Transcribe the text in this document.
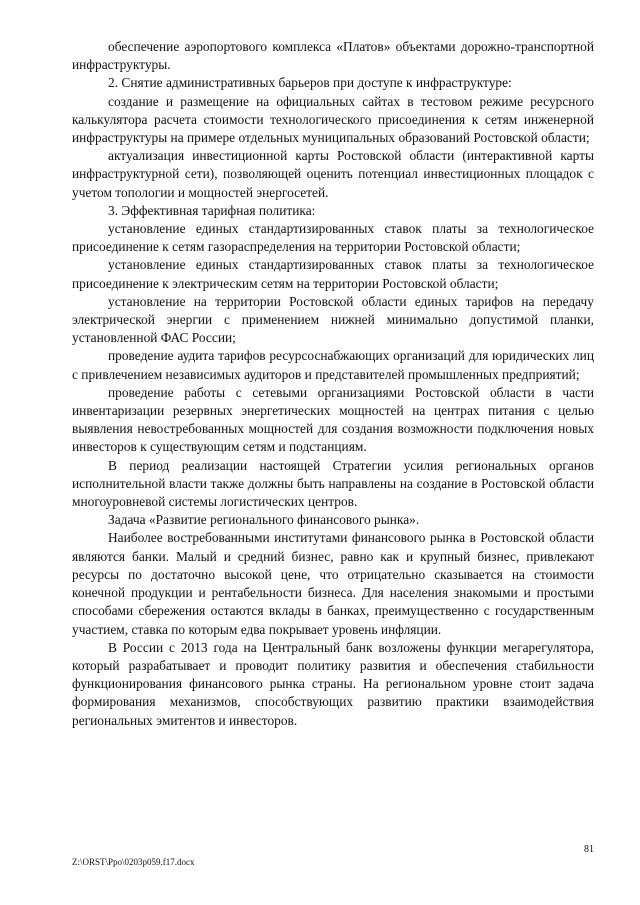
обеспечение аэропортового комплекса «Платов» объектами дорожно-транспортной инфраструктуры.

2. Снятие административных барьеров при доступе к инфраструктуре:

создание и размещение на официальных сайтах в тестовом режиме ресурсного калькулятора расчета стоимости технологического присоединения к сетям инженерной инфраструктуры на примере отдельных муниципальных образований Ростовской области;

актуализация инвестиционной карты Ростовской области (интерактивной карты инфраструктурной сети), позволяющей оценить потенциал инвестиционных площадок с учетом топологии и мощностей энергосетей.

3. Эффективная тарифная политика:

установление единых стандартизированных ставок платы за технологическое присоединение к сетям газораспределения на территории Ростовской области;

установление единых стандартизированных ставок платы за технологическое присоединение к электрическим сетям на территории Ростовской области;

установление на территории Ростовской области единых тарифов на передачу электрической энергии с применением нижней минимально допустимой планки, установленной ФАС России;

проведение аудита тарифов ресурсоснабжающих организаций для юридических лиц с привлечением независимых аудиторов и представителей промышленных предприятий;

проведение работы с сетевыми организациями Ростовской области в части инвентаризации резервных энергетических мощностей на центрах питания с целью выявления невостребованных мощностей для создания возможности подключения новых инвесторов к существующим сетям и подстанциям.

В период реализации настоящей Стратегии усилия региональных органов исполнительной власти также должны быть направлены на создание в Ростовской области многоуровневой системы логистических центров.

Задача «Развитие регионального финансового рынка».

Наиболее востребованными институтами финансового рынка в Ростовской области являются банки. Малый и средний бизнес, равно как и крупный бизнес, привлекают ресурсы по достаточно высокой цене, что отрицательно сказывается на стоимости конечной продукции и рентабельности бизнеса. Для населения знакомыми и простыми способами сбережения остаются вклады в банках, преимущественно с государственным участием, ставка по которым едва покрывает уровень инфляции.

В России с 2013 года на Центральный банк возложены функции мегарегулятора, который разрабатывает и проводит политику развития и обеспечения стабильности функционирования финансового рынка страны. На региональном уровне стоит задача формирования механизмов, способствующих развитию практики взаимодействия региональных эмитентов и инвесторов.

81
Z:\ORST\Ppo\0203p059.f17.docx
